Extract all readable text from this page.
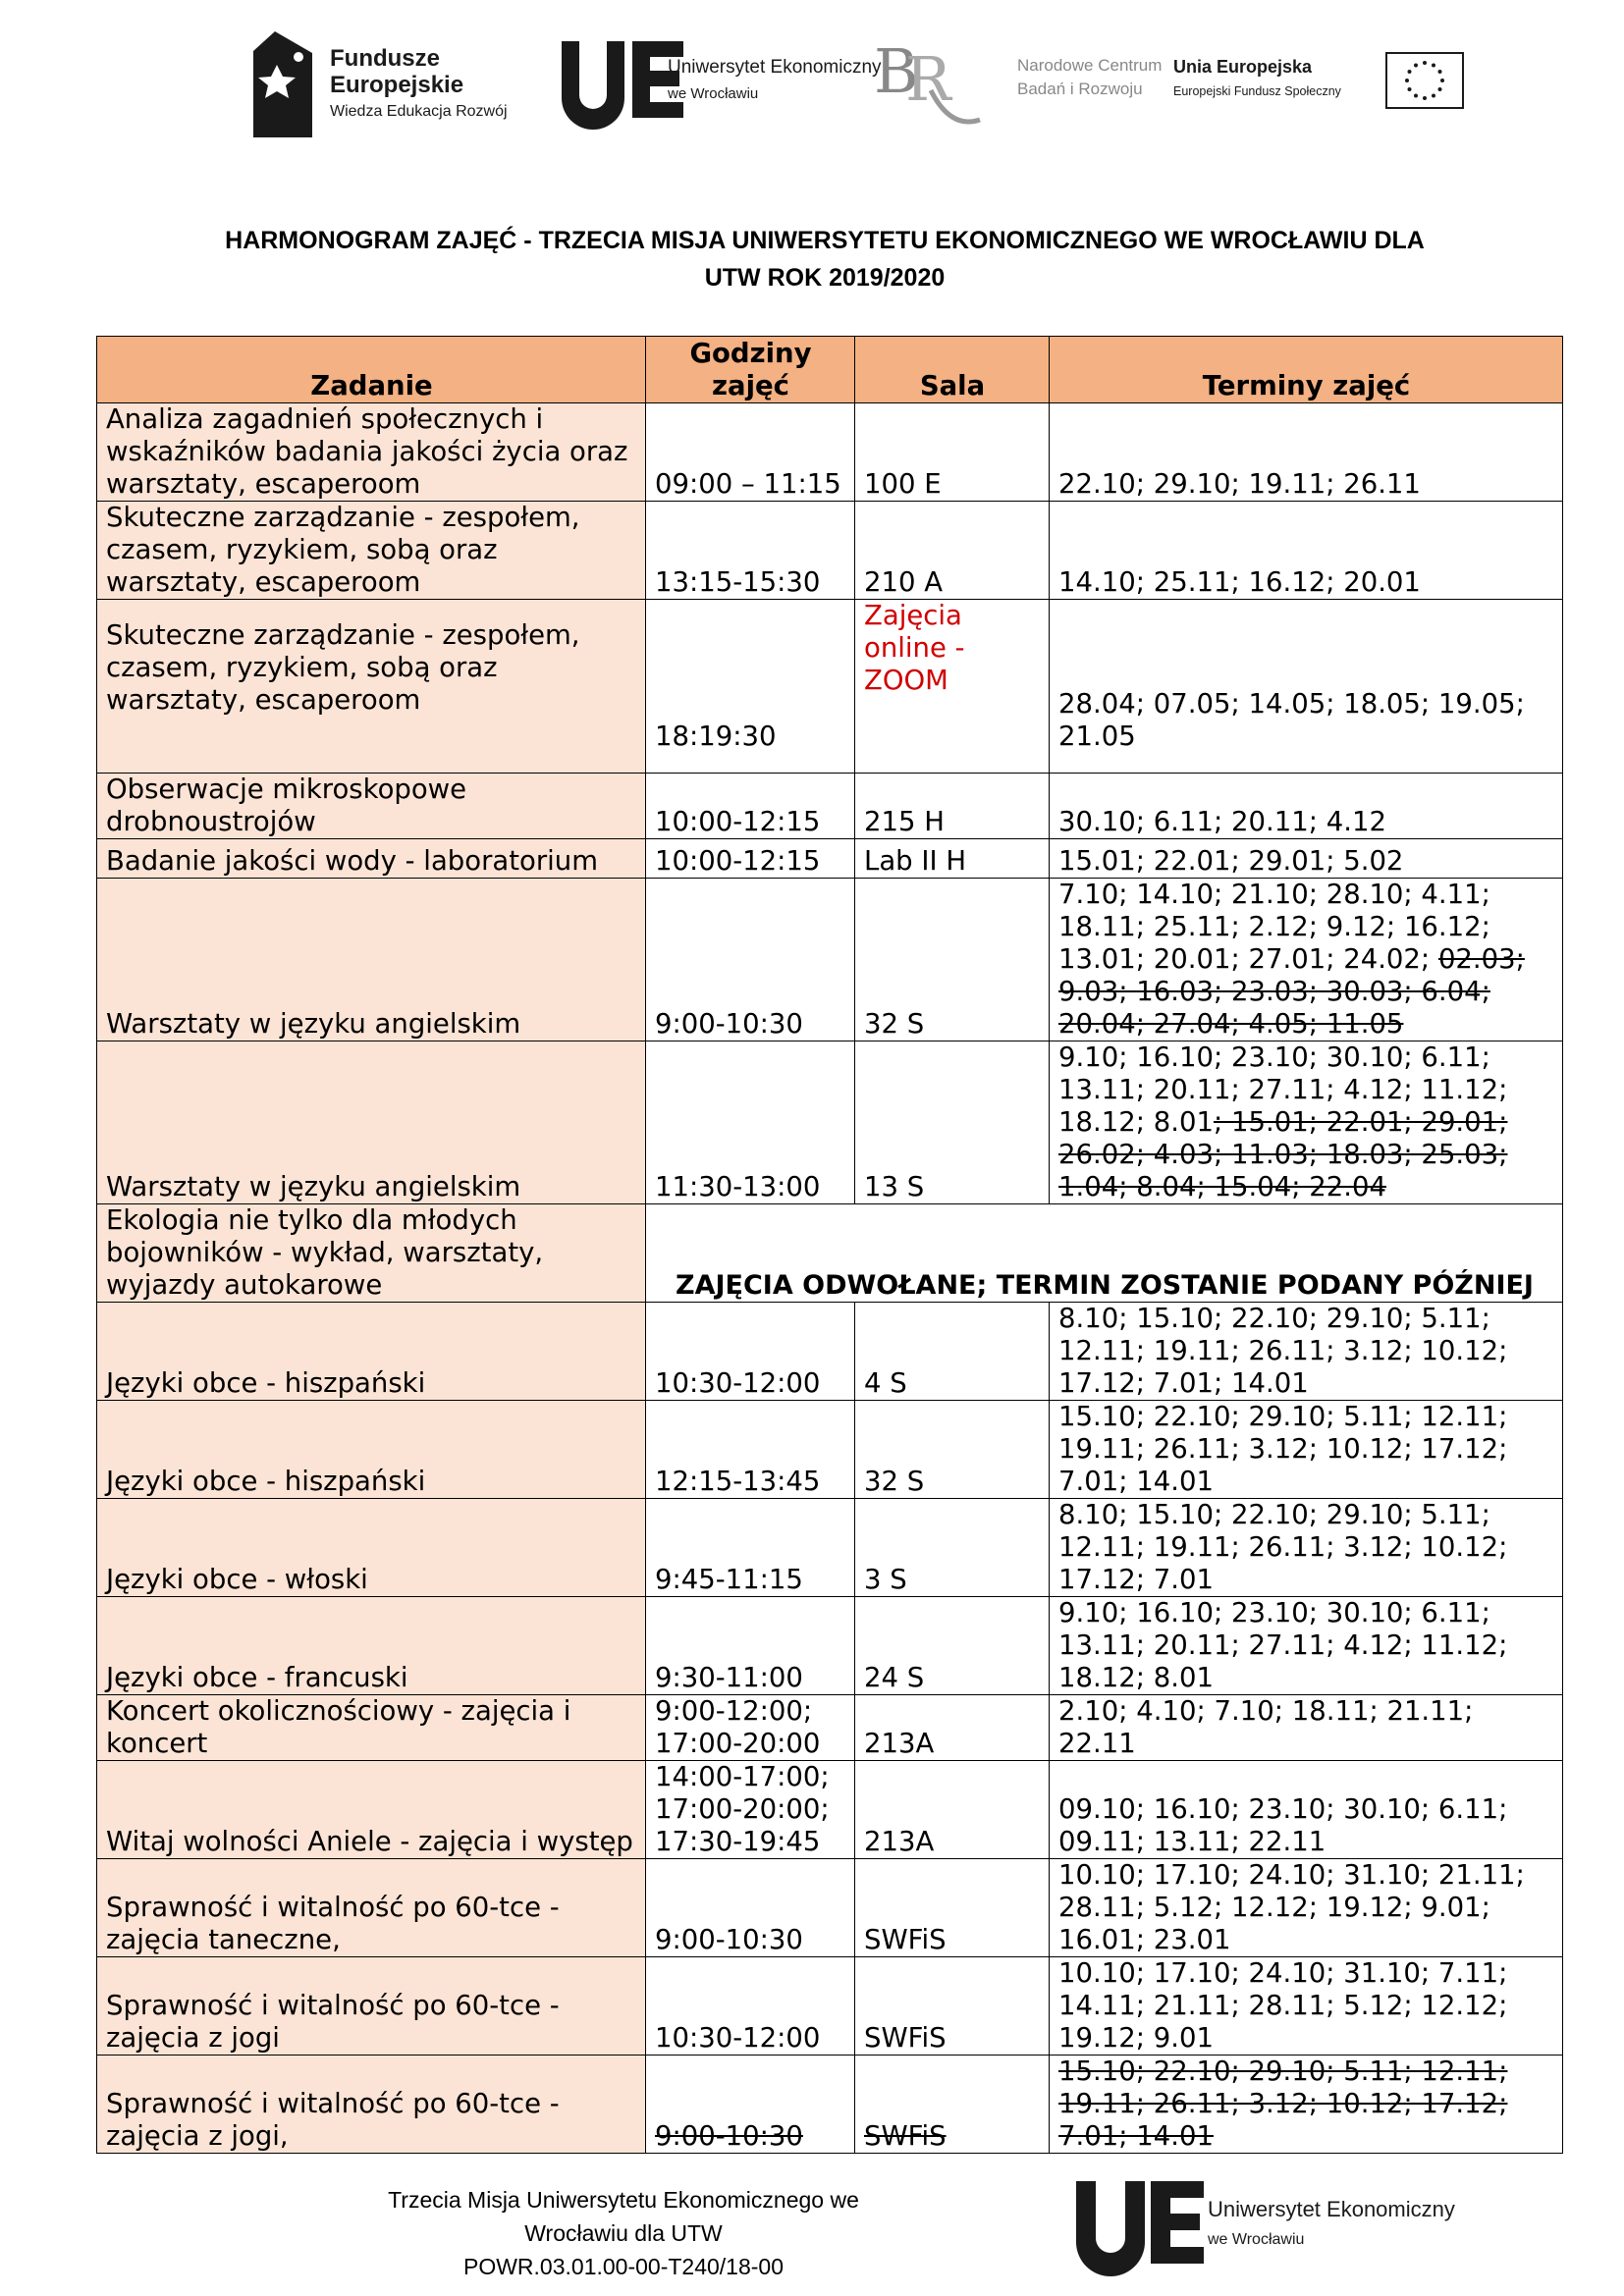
Fundusze
Europejskie
Wiedza Edukacja Rozwój
Uniwersytet Ekonomiczny
we Wrocławiu B
R	Narodowe Centrum
Badań i Rozwoju
Unia Europejska
Europejski Fundusz Społeczny
HARMONOGRAM ZAJĘĆ - TRZECIA MISJA UNIWERSYTETU EKONOMICZNEGO WE WROCŁAWIU DLA
UTW ROK 2019/2020
Zadanie	Godziny zajęć	Sala	Terminy zajęć
Analiza zagadnień społecznych i wskaźników badania jakości życia oraz warsztaty, escaperoom	09:00 – 11:15	100 E	22.10; 29.10; 19.11; 26.11
Skuteczne zarządzanie - zespołem, czasem, ryzykiem, sobą oraz warsztaty, escaperoom	13:15-15:30	210 A	14.10; 25.11; 16.12; 20.01
Skuteczne zarządzanie - zespołem, czasem, ryzykiem, sobą oraz warsztaty, escaperoom	18:19:30	Zajęcia online - ZOOM	28.04; 07.05; 14.05; 18.05; 19.05; 21.05
Obserwacje mikroskopowe drobnoustrojów	10:00-12:15	215 H	30.10; 6.11; 20.11; 4.12
Badanie jakości wody - laboratorium	10:00-12:15	Lab II H	15.01; 22.01; 29.01; 5.02
Warsztaty w języku angielskim	9:00-10:30	32 S	7.10; 14.10; 21.10; 28.10; 4.11; 18.11; 25.11; 2.12; 9.12; 16.12; 13.01; 20.01; 27.01; 24.02; 02.03; 9.03; 16.03; 23.03; 30.03; 6.04; 20.04; 27.04; 4.05; 11.05
Warsztaty w języku angielskim	11:30-13:00	13 S	9.10; 16.10; 23.10; 30.10; 6.11; 13.11; 20.11; 27.11; 4.12; 11.12; 18.12; 8.01; 15.01; 22.01; 29.01; 26.02; 4.03; 11.03; 18.03; 25.03; 1.04; 8.04; 15.04; 22.04
Ekologia nie tylko dla młodych bojowników - wykład, warsztaty, wyjazdy autokarowe	ZAJĘCIA ODWOŁANE; TERMIN ZOSTANIE PODANY PÓŹNIEJ		
Języki obce - hiszpański	10:30-12:00	4 S	8.10; 15.10; 22.10; 29.10; 5.11; 12.11; 19.11; 26.11; 3.12; 10.12; 17.12; 7.01; 14.01
Języki obce - hiszpański	12:15-13:45	32 S	15.10; 22.10; 29.10; 5.11; 12.11; 19.11; 26.11; 3.12; 10.12; 17.12; 7.01; 14.01
Języki obce - włoski	9:45-11:15	3 S	8.10; 15.10; 22.10; 29.10; 5.11; 12.11; 19.11; 26.11; 3.12; 10.12; 17.12; 7.01
Języki obce - francuski	9:30-11:00	24 S	9.10; 16.10; 23.10; 30.10; 6.11; 13.11; 20.11; 27.11; 4.12; 11.12; 18.12; 8.01
Koncert okolicznościowy - zajęcia i koncert	9:00-12:00; 17:00-20:00	213A	2.10; 4.10; 7.10; 18.11; 21.11; 22.11
Witaj wolności Aniele - zajęcia i występ	14:00-17:00; 17:00-20:00; 17:30-19:45	213A	09.10; 16.10; 23.10; 30.10; 6.11; 09.11; 13.11; 22.11
Sprawność i witalność po 60-tce - zajęcia taneczne,	9:00-10:30	SWFiS	10.10; 17.10; 24.10; 31.10; 21.11; 28.11; 5.12; 12.12; 19.12; 9.01; 16.01; 23.01
Sprawność i witalność po 60-tce - zajęcia z jogi	10:30-12:00	SWFiS	10.10; 17.10; 24.10; 31.10; 7.11; 14.11; 21.11; 28.11; 5.12; 12.12; 19.12; 9.01
Sprawność i witalność po 60-tce - zajęcia z jogi,	9:00-10:30	SWFiS	15.10; 22.10; 29.10; 5.11; 12.11; 19.11; 26.11; 3.12; 10.12; 17.12; 7.01; 14.01
Trzecia Misja Uniwersytetu Ekonomicznego we
Wrocławiu dla UTW
POWR.03.01.00-00-T240/18-00
Uniwersytet Ekonomiczny
we Wrocławiu
